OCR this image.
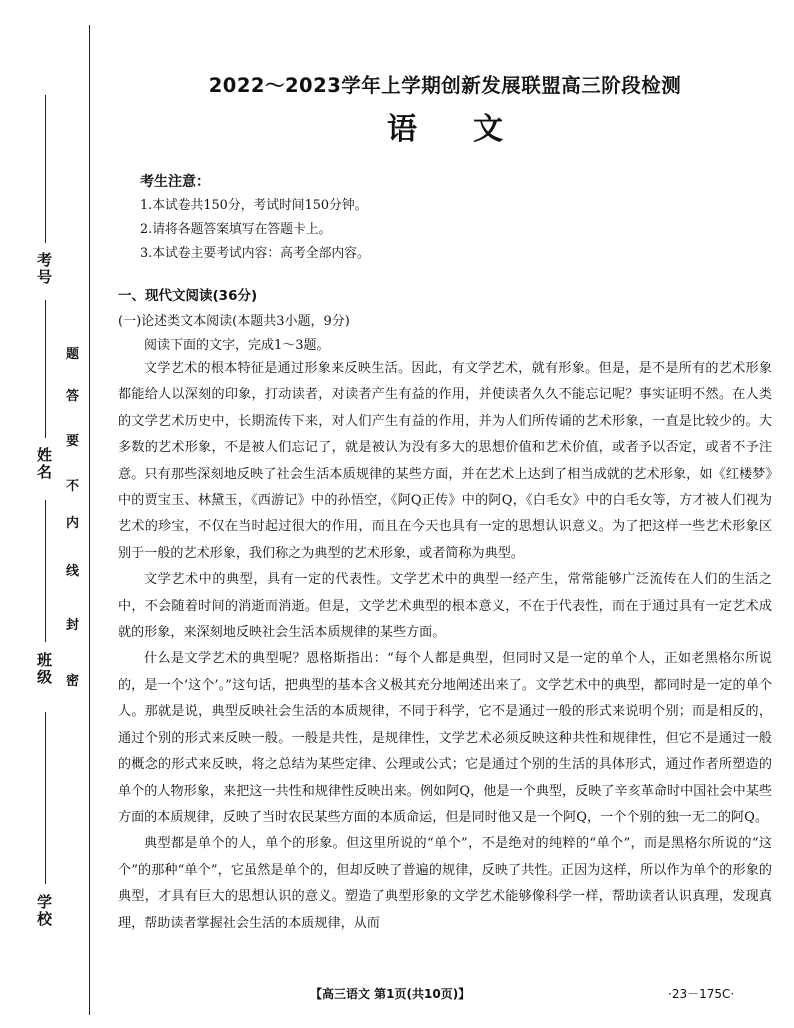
考号
姓名
班级
学校
密
封
线
内
不
要
答
题
2022～2023学年上学期创新发展联盟高三阶段检测
语文
考生注意：
1.本试卷共150分，考试时间150分钟。
2.请将各题答案填写在答题卡上。
3.本试卷主要考试内容：高考全部内容。
一、现代文阅读(36分)
(一)论述类文本阅读(本题共3小题，9分)
阅读下面的文字，完成1～3题。

文学艺术的根本特征是通过形象来反映生活。因此，有文学艺术，就有形象。但是，是不是所有的艺术形象都能给人以深刻的印象，打动读者，对读者产生有益的作用，并使读者久久不能忘记呢？事实证明不然。在人类的文学艺术历史中，长期流传下来，对人们产生有益的作用，并为人们所传诵的艺术形象，一直是比较少的。大多数的艺术形象，不是被人们忘记了，就是被认为没有多大的思想价值和艺术价值，或者予以否定，或者不予注意。只有那些深刻地反映了社会生活本质规律的某些方面，并在艺术上达到了相当成就的艺术形象，如《红楼梦》中的贾宝玉、林黛玉，《西游记》中的孙悟空，《阿Q正传》中的阿Q，《白毛女》中的白毛女等，方才被人们视为艺术的珍宝，不仅在当时起过很大的作用，而且在今天也具有一定的思想认识意义。为了把这样一些艺术形象区别于一般的艺术形象，我们称之为典型的艺术形象，或者简称为典型。

文学艺术中的典型，具有一定的代表性。文学艺术中的典型一经产生，常常能够广泛流传在人们的生活之中，不会随着时间的消逝而消逝。但是，文学艺术典型的根本意义，不在于代表性，而在于通过具有一定艺术成就的形象，来深刻地反映社会生活本质规律的某些方面。

什么是文学艺术的典型呢？恩格斯指出：“每个人都是典型，但同时又是一定的单个人，正如老黑格尔所说的，是一个‘这个’。”这句话，把典型的基本含义极其充分地阐述出来了。文学艺术中的典型，都同时是一定的单个人。那就是说，典型反映社会生活的本质规律，不同于科学，它不是通过一般的形式来说明个别；而是相反的，通过个别的形式来反映一般。一般是共性，是规律性，文学艺术必须反映这种共性和规律性，但它不是通过一般的概念的形式来反映，将之总结为某些定律、公理或公式；它是通过个别的生活的具体形式，通过作者所塑造的单个的人物形象，来把这一共性和规律性反映出来。例如阿Q，他是一个典型，反映了辛亥革命时中国社会中某些方面的本质规律，反映了当时农民某些方面的本质命运，但是同时他又是一个阿Q，一个个别的独一无二的阿Q。

典型都是单个的人，单个的形象。但这里所说的“单个”，不是绝对的纯粹的“单个”，而是黑格尔所说的“这个”的那种“单个”，它虽然是单个的，但却反映了普遍的规律，反映了共性。正因为这样，所以作为单个的形象的典型，才具有巨大的思想认识的意义。塑造了典型形象的文学艺术能够像科学一样，帮助读者认识真理，发现真理，帮助读者掌握社会生活的本质规律，从而

【高三语文 第1页(共10页)】	·23－175C·
